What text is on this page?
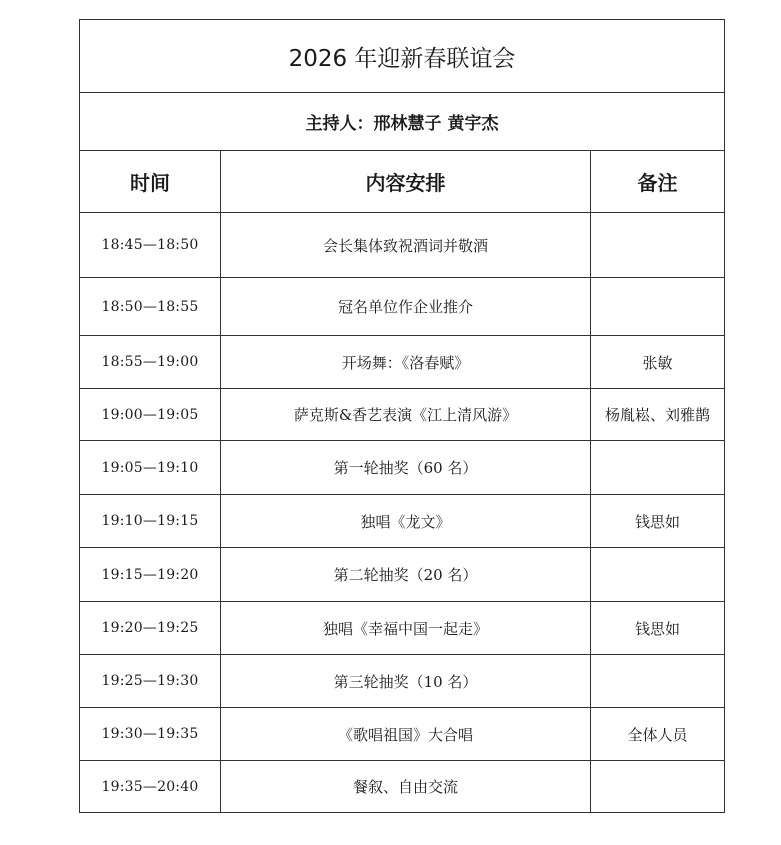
2026 年迎新春联谊会		
主持人：邢林慧子 黄宇杰		
时间	内容安排	备注
18:45—18:50	会长集体致祝酒词并敬酒	
18:50—18:55	冠名单位作企业推介	
18:55—19:00	开场舞：《洛春赋》	张敏
19:00—19:05	萨克斯&香艺表演《江上清风游》	杨胤崧、刘雅鹊
19:05—19:10	第一轮抽奖（60 名）	
19:10—19:15	独唱《龙文》	钱思如
19:15—19:20	第二轮抽奖（20 名）	
19:20—19:25	独唱《幸福中国一起走》	钱思如
19:25—19:30	第三轮抽奖（10 名）	
19:30—19:35	《歌唱祖国》大合唱	全体人员
19:35—20:40	餐叙、自由交流	
